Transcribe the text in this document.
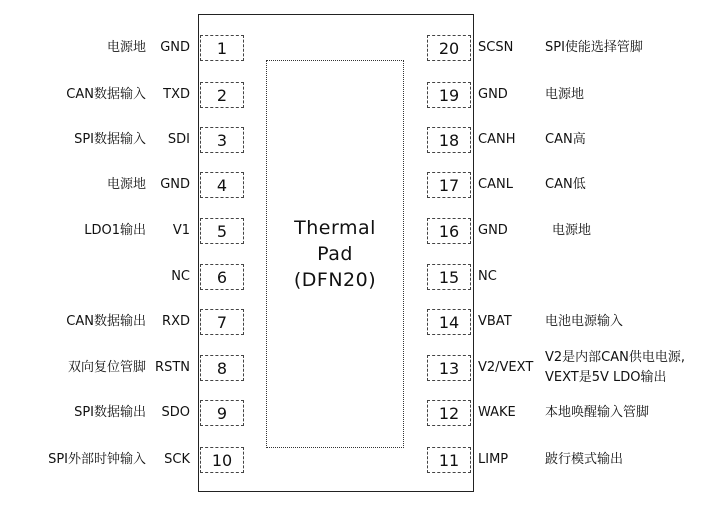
Thermal
Pad
(DFN20)
1
GND
电源地
2
TXD
CAN数据输入
3
SDI
SPI数据输入
4
GND
电源地
5
V1
LDO1输出
6
NC
7
RXD
CAN数据输出
8
RSTN
双向复位管脚
9
SDO
SPI数据输出
10
SCK
SPI外部时钟输入
20	SCSN SPI使能选择管脚
19	GND	电源地
18	CANH CAN高
17	CANL CAN低
16	GND	电源地
15	NC
14	VBAT	电池电源输入
13	V2/VEXT
V2是内部CAN供电电源,
VEXT是5V LDO输出
12	WAKE 本地唤醒输入管脚
11	LIMP	跛行模式输出
